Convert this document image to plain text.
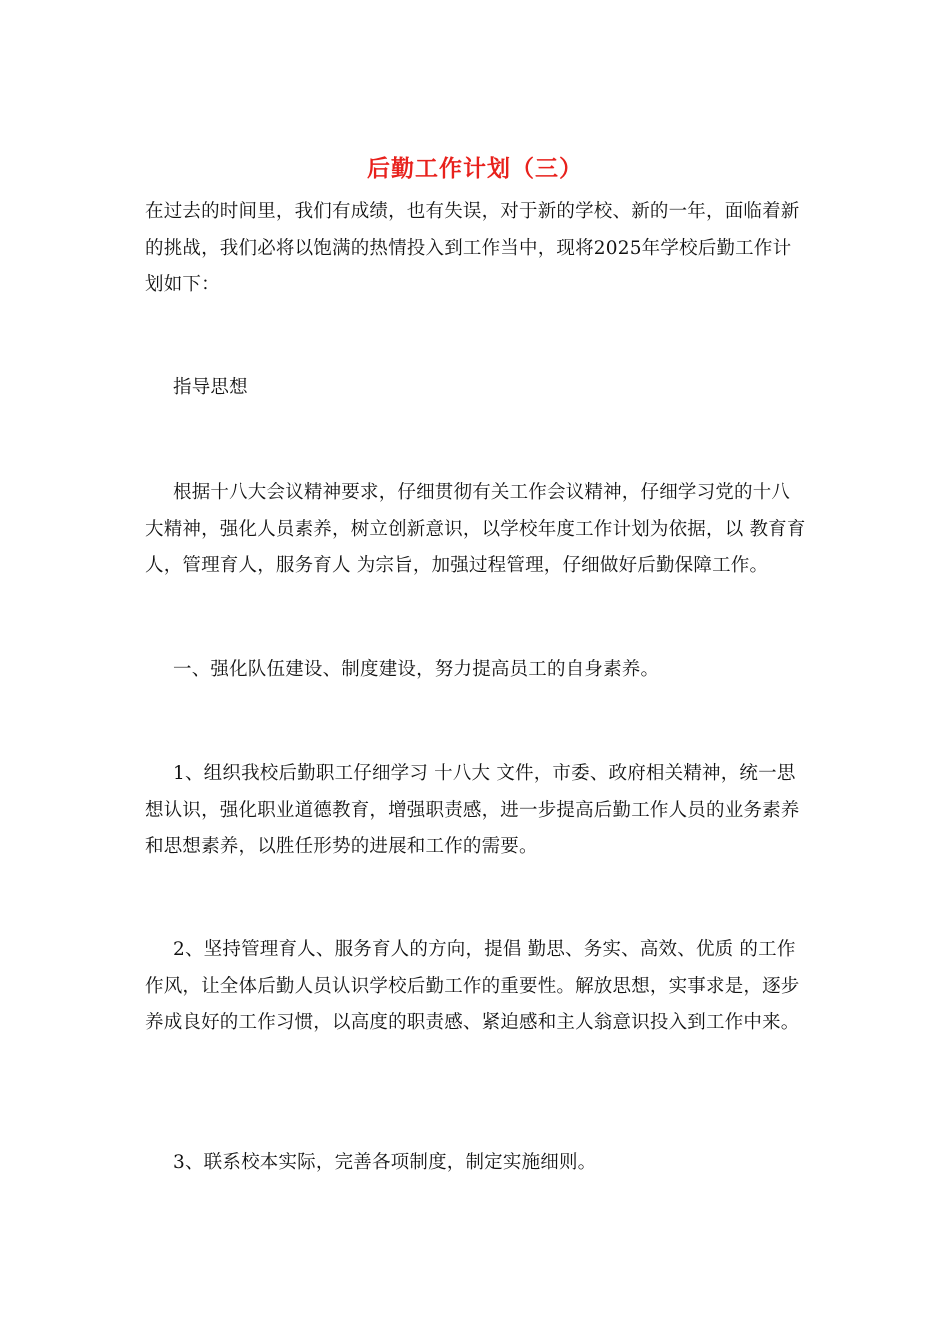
后勤工作计划（三）

在过去的时间里，我们有成绩，也有失误，对于新的学校、新的一年，面临着新的挑战，我们必将以饱满的热情投入到工作当中，现将2025年学校后勤工作计划如下：

指导思想

根据十八大会议精神要求，仔细贯彻有关工作会议精神，仔细学习党的十八大精神，强化人员素养，树立创新意识，以学校年度工作计划为依据，以 教育育人，管理育人，服务育人 为宗旨，加强过程管理，仔细做好后勤保障工作。

一、强化队伍建设、制度建设，努力提高员工的自身素养。

1、组织我校后勤职工仔细学习 十八大 文件，市委、政府相关精神，统一思想认识，强化职业道德教育，增强职责感，进一步提高后勤工作人员的业务素养和思想素养，以胜任形势的进展和工作的需要。

2、坚持管理育人、服务育人的方向，提倡 勤思、务实、高效、优质 的工作作风，让全体后勤人员认识学校后勤工作的重要性。解放思想，实事求是，逐步养成良好的工作习惯，以高度的职责感、紧迫感和主人翁意识投入到工作中来。

3、联系校本实际，完善各项制度，制定实施细则。
